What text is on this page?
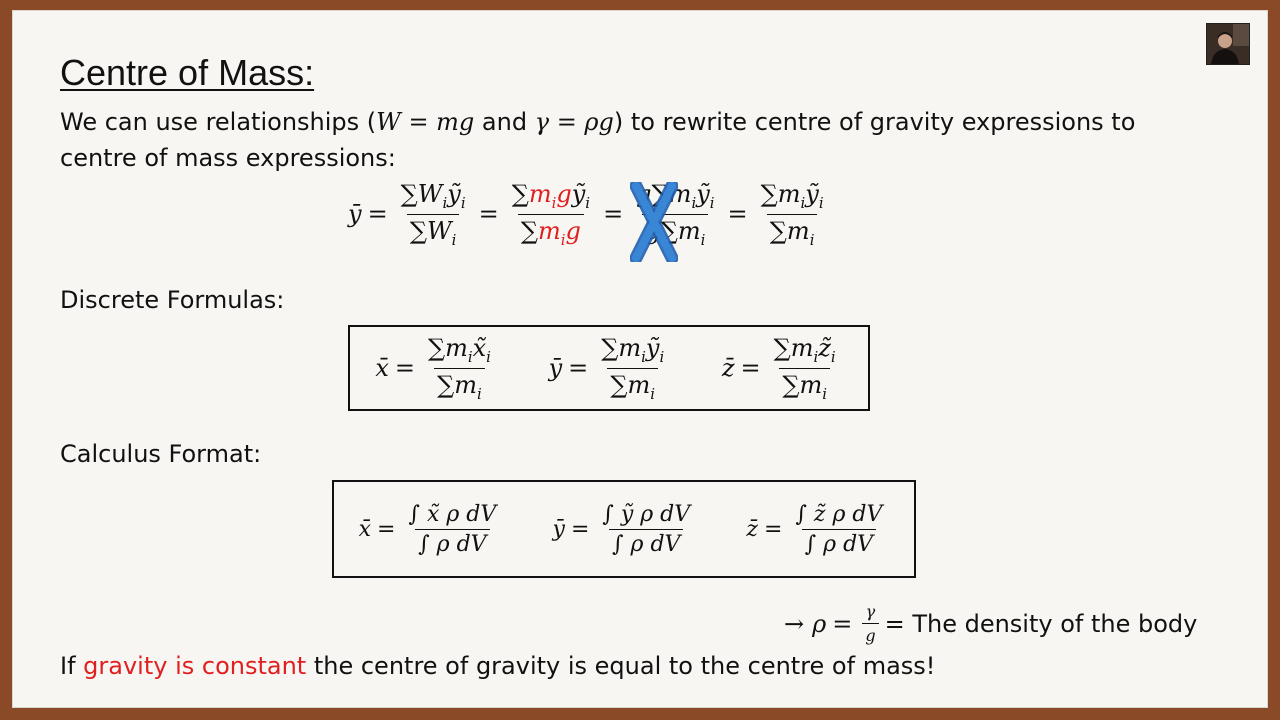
Centre of Mass:
We can use relationships (W = mg and γ = ρg) to rewrite centre of gravity expressions to
centre of mass expressions:
ȳ = $\frac{\sum W_iỹ_i}{\sum W_i} = \frac{\sum m_igỹ_i}{\sum m_ig} = \frac{g\sum m_iỹ_i}{g\sum m_i} = \frac{\sum m_iỹ_i}{\sum m_i}$
Discrete Formulas:
x̄ = $\frac{\sum m_ix̃_i}{\sum m_i}$ ȳ = $\frac{\sum m_iỹ_i}{\sum m_i}$ z̄ = $\frac{\sum m_iz̃_i}{\sum m_i}$
Calculus Format:
x̄ = $\frac{\text{∫ x̃ ρ dV}}{\text{∫ ρ dV}}$ ȳ = $\frac{\text{∫ ỹ ρ dV}}{\text{∫ ρ dV}}$ z̄ = $\frac{\text{∫ z̃ ρ dV}}{\text{∫ ρ dV}}$
→ $\rho = \frac{\gamma}{g}$ = The density of the body
If gravity is constant the centre of gravity is equal to the centre of mass!
